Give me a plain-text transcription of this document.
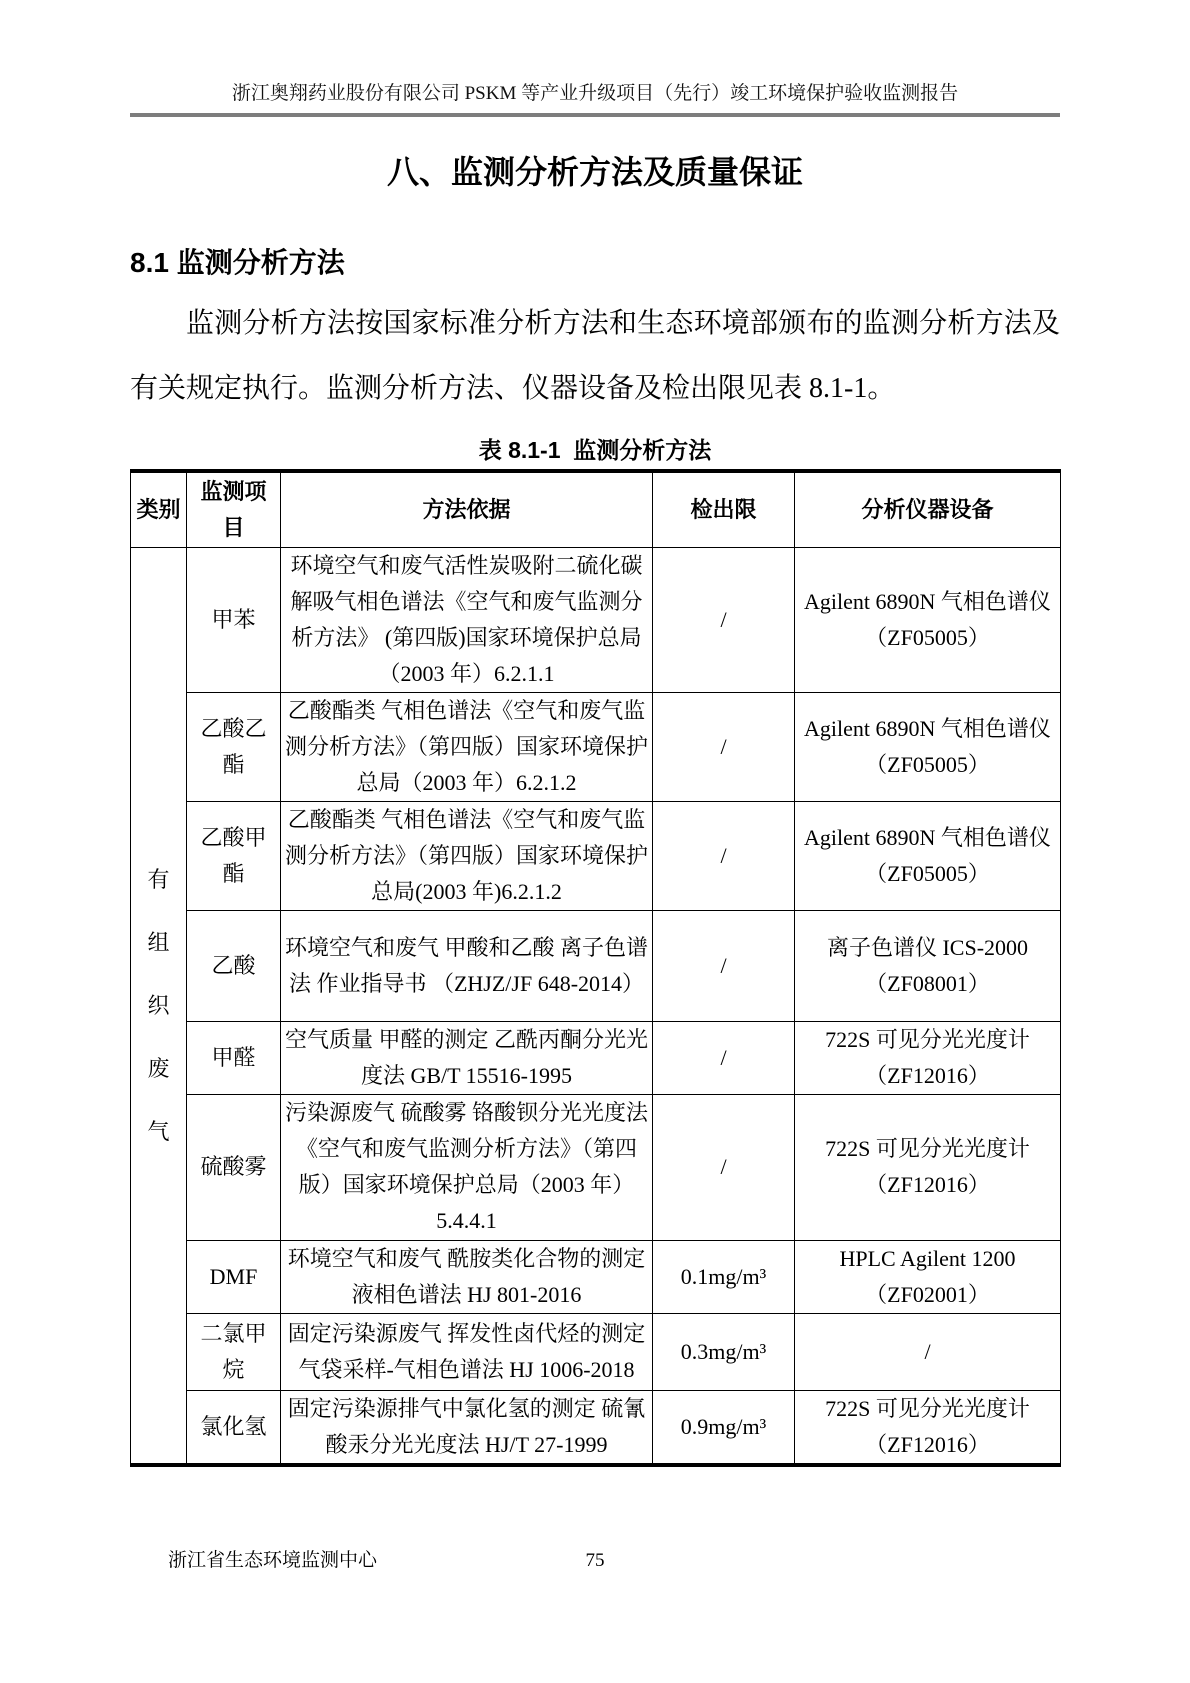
浙江奥翔药业股份有限公司 PSKM 等产业升级项目（先行）竣工环境保护验收监测报告
八、监测分析方法及质量保证
8.1 监测分析方法

监测分析方法按国家标准分析方法和生态环境部颁布的监测分析方法及有关规定执行。监测分析方法、仪器设备及检出限见表 8.1-1。

表 8.1-1  监测分析方法
类别	监测项目	方法依据	检出限	分析仪器设备

有组织废气	甲苯	环境空气和废气活性炭吸附二硫化碳解吸气相色谱法《空气和废气监测分析方法》 (第四版)国家环境保护总局（2003 年）6.2.1.1	/	Agilent 6890N 气相色谱仪（ZF05005）
	乙酸乙酯	乙酸酯类 气相色谱法《空气和废气监测分析方法》（第四版）国家环境保护总局（2003 年）6.2.1.2	/	Agilent 6890N 气相色谱仪（ZF05005）
	乙酸甲酯	乙酸酯类 气相色谱法《空气和废气监测分析方法》（第四版）国家环境保护总局(2003 年)6.2.1.2	/	Agilent 6890N 气相色谱仪（ZF05005）
	乙酸	环境空气和废气 甲酸和乙酸 离子色谱法 作业指导书 （ZHJZ/JF 648-2014）	/	离子色谱仪 ICS-2000（ZF08001）
	甲醛	空气质量 甲醛的测定 乙酰丙酮分光光度法 GB/T 15516-1995	/	722S 可见分光光度计（ZF12016）
	硫酸雾	污染源废气 硫酸雾 铬酸钡分光光度法《空气和废气监测分析方法》（第四版）国家环境保护总局（2003 年）5.4.4.1	/	722S 可见分光光度计（ZF12016）
	DMF	环境空气和废气 酰胺类化合物的测定 液相色谱法 HJ 801-2016	0.1mg/m³	HPLC Agilent 1200（ZF02001）
	二氯甲烷	固定污染源废气 挥发性卤代烃的测定 气袋采样-气相色谱法 HJ 1006-2018	0.3mg/m³	/
	氯化氢	固定污染源排气中氯化氢的测定 硫氰酸汞分光光度法 HJ/T 27-1999	0.9mg/m³	722S 可见分光光度计（ZF12016）
浙江省生态环境监测中心	75
